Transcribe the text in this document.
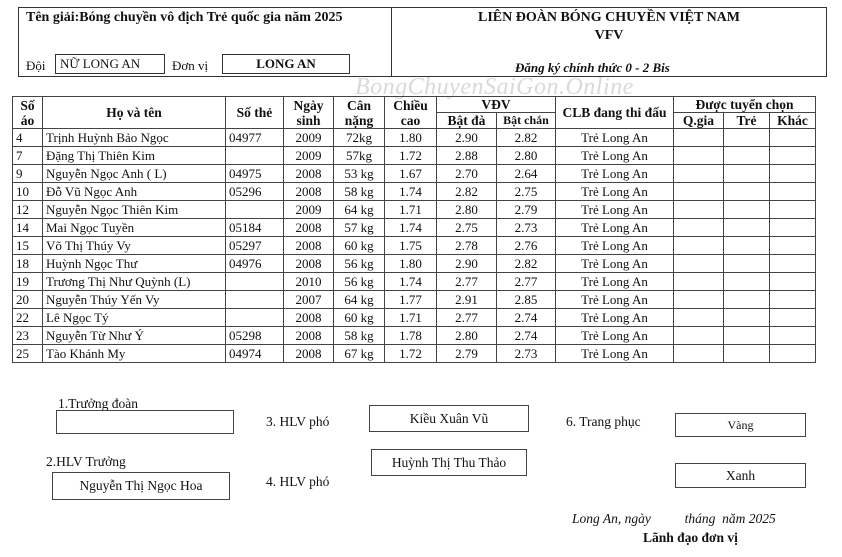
Tên giải:Bóng chuyền vô địch Trẻ quốc gia năm 2025	LIÊN ĐOÀN BÓNG CHUYỀN VIỆT NAM
VFV
Đội	NỮ LONG AN	Đơn vị	LONG AN	Đăng ký chính thức 0 - 2 Bis
BongChuyenSaiGon.Online
Số áo	Họ và tên	Số thẻ	Ngày sinh	Cân nặng	Chiều cao	VĐV		CLB đang thi đấu	Được tuyển chọn		
						Bật đà	Bật chắn		Q.gia	Trẻ	Khác
4	Trịnh Huỳnh Bảo Ngọc	04977	2009	72kg	1.80	2.90	2.82	Trẻ Long An			
7	Đặng Thị Thiên Kim		2009	57kg	1.72	2.88	2.80	Trẻ Long An			
9	Nguyễn Ngọc Anh ( L)	04975	2008	53 kg	1.67	2.70	2.64	Trẻ Long An			
10	Đỗ Vũ Ngọc Anh	05296	2008	58 kg	1.74	2.82	2.75	Trẻ Long An			
12	Nguyễn Ngọc Thiên Kim		2009	64 kg	1.71	2.80	2.79	Trẻ Long An			
14	Mai Ngọc Tuyền	05184	2008	57 kg	1.74	2.75	2.73	Trẻ Long An			
15	Võ Thị Thúy Vy	05297	2008	60 kg	1.75	2.78	2.76	Trẻ Long An			
18	Huỳnh Ngọc Thư	04976	2008	56 kg	1.80	2.90	2.82	Trẻ Long An			
19	Trương Thị Như Quỳnh (L)		2010	56 kg	1.74	2.77	2.77	Trẻ Long An			
20	Nguyễn Thúy Yến Vy		2007	64 kg	1.77	2.91	2.85	Trẻ Long An			
22	Lê Ngọc Tý		2008	60 kg	1.71	2.77	2.74	Trẻ Long An			
23	Nguyễn Từ Như Ý	05298	2008	58 kg	1.78	2.80	2.74	Trẻ Long An			
25	Tào Khánh My	04974	2008	67 kg	1.72	2.79	2.73	Trẻ Long An			
1.Trưởng đoàn
2.HLV Trưởng
Nguyễn Thị Ngọc Hoa
3. HLV phó	Kiều Xuân Vũ
4. HLV phó
Huỳnh Thị Thu Thảo
6. Trang phục	Vàng
Xanh
Long An, ngày          tháng  năm 2025
Lãnh đạo đơn vị
